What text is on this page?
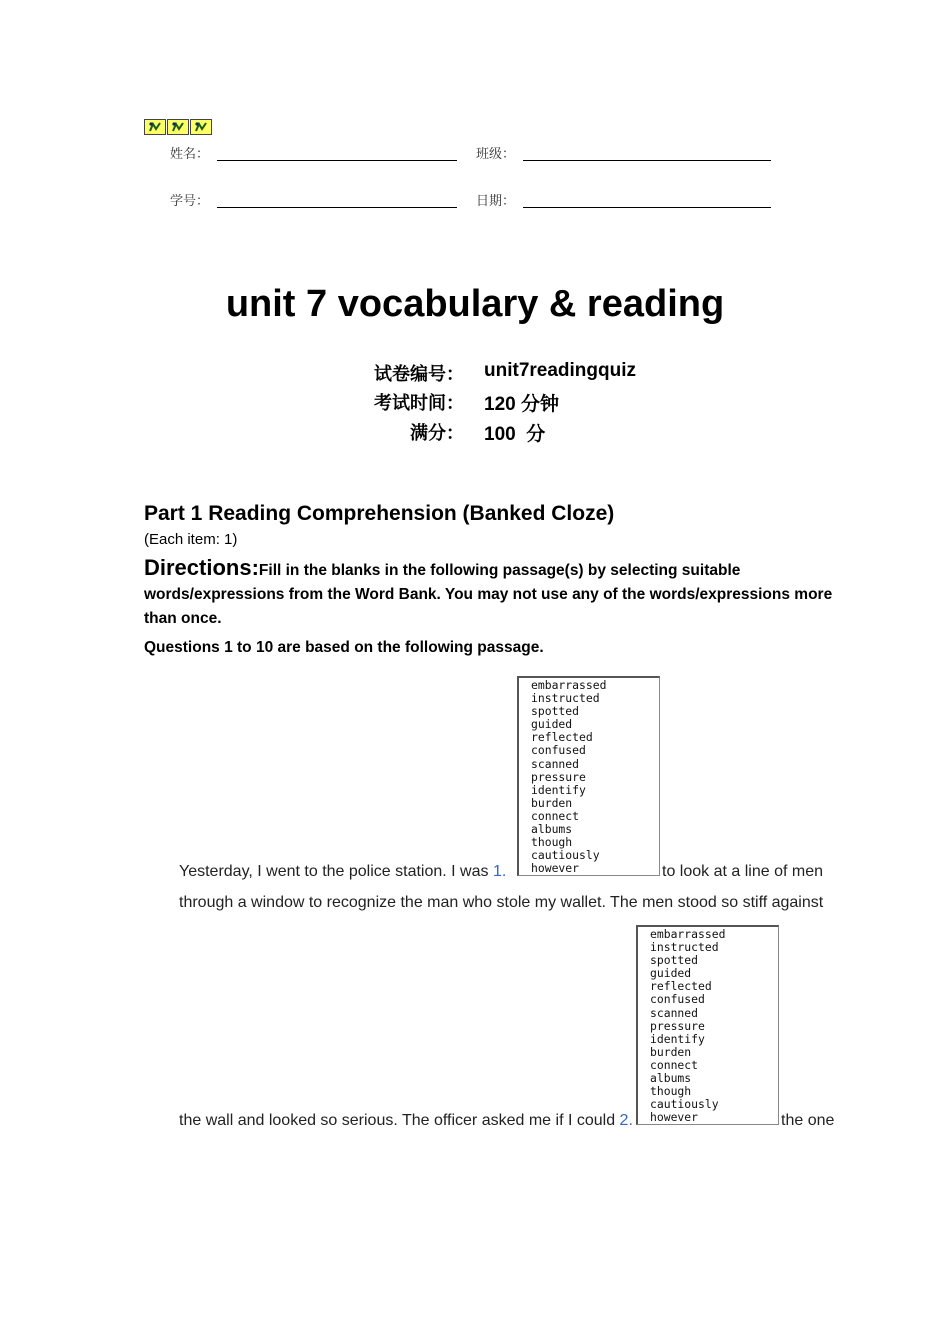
姓名：	班级：
学号：	日期：
unit 7 vocabulary & reading
试卷编号： unit7readingquiz
考试时间： 120 分钟
满分： 100  分
Part 1 Reading Comprehension (Banked Cloze)
(Each item: 1)
Directions:Fill in the blanks in the following passage(s) by selecting suitable words/expressions from the Word Bank. You may not use any of the words/expressions more than once.
Questions 1 to 10 are based on the following passage.
Yesterday, I went to the police station. I was 1.
embarrassed
instructed
spotted
guided
reflected
confused
scanned
pressure
identify
burden
connect
albums
though
cautiously
however	to look at a line of men
through a window to recognize the man who stole my wallet. The men stood so stiff against
the wall and looked so serious. The officer asked me if I could 2.
embarrassed
instructed
spotted
guided
reflected
confused
scanned
pressure
identify
burden
connect
albums
though
cautiously
however	the one
